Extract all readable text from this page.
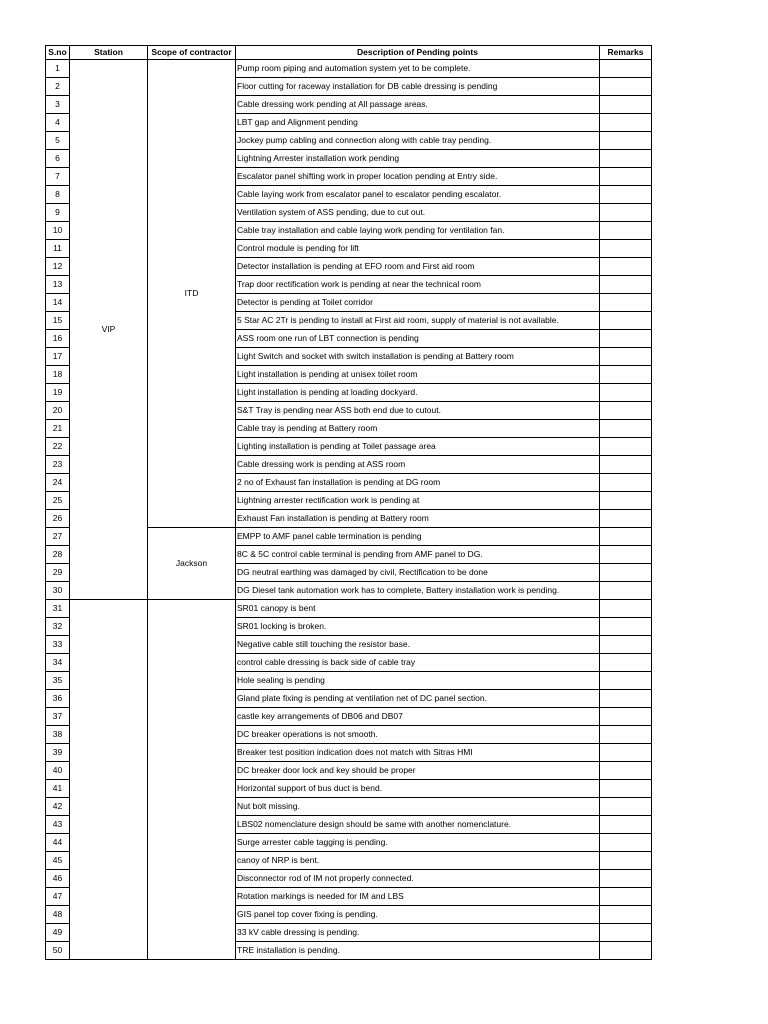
S.no	Station	Scope of contractor	Description of Pending points	Remarks
1	VIP	ITD	Pump room piping and automation system yet to be complete.	
2			Floor cutting for raceway installation for DB cable dressing is pending	
3			Cable dressing work pending at All passage areas.	
4			LBT gap and Alignment pending	
5			Jockey pump cabling and connection along with cable tray pending.	
6			Lightning Arrester installation work pending	
7			Escalator panel shifting work in proper location pending at Entry side.	
8			Cable laying work from escalator panel to escalator pending escalator.	
9			Ventilation system of ASS pending, due to cut out.	
10			Cable tray installation and cable laying work pending for ventilation fan.	
11			Control module is pending for lift	
12			Detector installation is pending at EFO room and First aid room	
13			Trap door rectification work is pending at near the technical room	
14			Detector is pending at Toilet corridor	
15			5 Star AC 2Tr is pending to install at First aid room, supply of material is not available.	
16			ASS room one run of LBT connection is pending	
17			Light Switch and socket with switch installation is pending at Battery room	
18			Light installation is pending at unisex toilet room	
19			Light installation is pending at loading dockyard.	
20			S&T Tray is pending near ASS both end due to cutout.	
21			Cable tray is pending at Battery room	
22			Lighting installation is pending at Toilet passage area	
23			Cable dressing work is pending at ASS room	
24			2 no of Exhaust fan installation is pending at DG room	
25			Lightning arrester rectification work is pending at	
26			Exhaust Fan installation is pending at Battery room	
27		Jackson	EMPP to AMF panel cable termination is pending	
28			8C & 5C control cable terminal is pending from AMF panel to DG.	
29			DG neutral earthing was damaged by civil, Rectification to be done	
30			DG Diesel tank automation work has to complete, Battery installation work is pending.	
31			SR01 canopy is bent	
32			SR01 locking is broken.	
33			Negative cable still touching the resistor base.	
34			control cable dressing is back side of cable tray	
35			Hole sealing is pending	
36			Gland plate fixing is pending at ventilation net of DC panel section.	
37			castle key arrangements of DB06 and DB07	
38			DC breaker operations is not smooth.	
39			Breaker test position indication does not match with Sitras HMI	
40			DC breaker door lock and key should be proper	
41			Horizontal support of bus duct is bend.	
42			Nut bolt missing.	
43			LBS02 nomenclature design should be same with another nomenclature.	
44			Surge arrester cable tagging is pending.	
45			canoy of NRP is bent.	
46			Disconnector rod of IM not properly connected.	
47			Rotation markings is needed for IM and LBS	
48			GIS panel top cover fixing is pending.	
49			33 kV cable dressing is pending.	
50			TRE installation is pending.	
